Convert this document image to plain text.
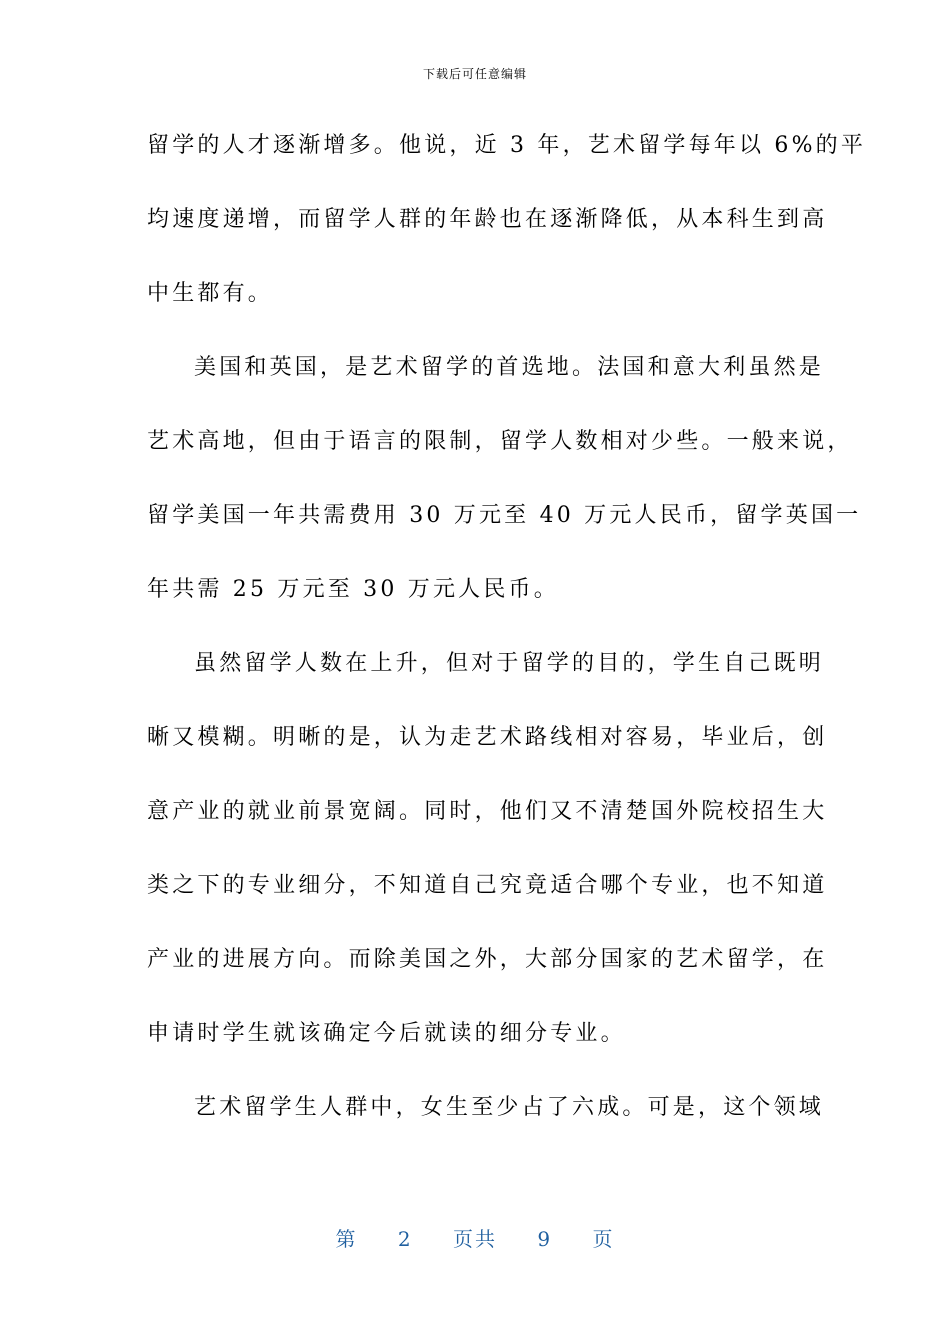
下载后可任意编辑
留学的人才逐渐增多。他说，近 3 年，艺术留学每年以 6%的平
均速度递增，而留学人群的年龄也在逐渐降低，从本科生到高
中生都有。
美国和英国，是艺术留学的首选地。法国和意大利虽然是
艺术高地，但由于语言的限制，留学人数相对少些。一般来说，
留学美国一年共需费用 30 万元至 40 万元人民币，留学英国一
年共需 25 万元至 30 万元人民币。
虽然留学人数在上升，但对于留学的目的，学生自己既明
晰又模糊。明晰的是，认为走艺术路线相对容易，毕业后，创
意产业的就业前景宽阔。同时，他们又不清楚国外院校招生大
类之下的专业细分，不知道自己究竟适合哪个专业，也不知道
产业的进展方向。而除美国之外，大部分国家的艺术留学，在
申请时学生就该确定今后就读的细分专业。
艺术留学生人群中，女生至少占了六成。可是，这个领域
第 2 页共 9 页
